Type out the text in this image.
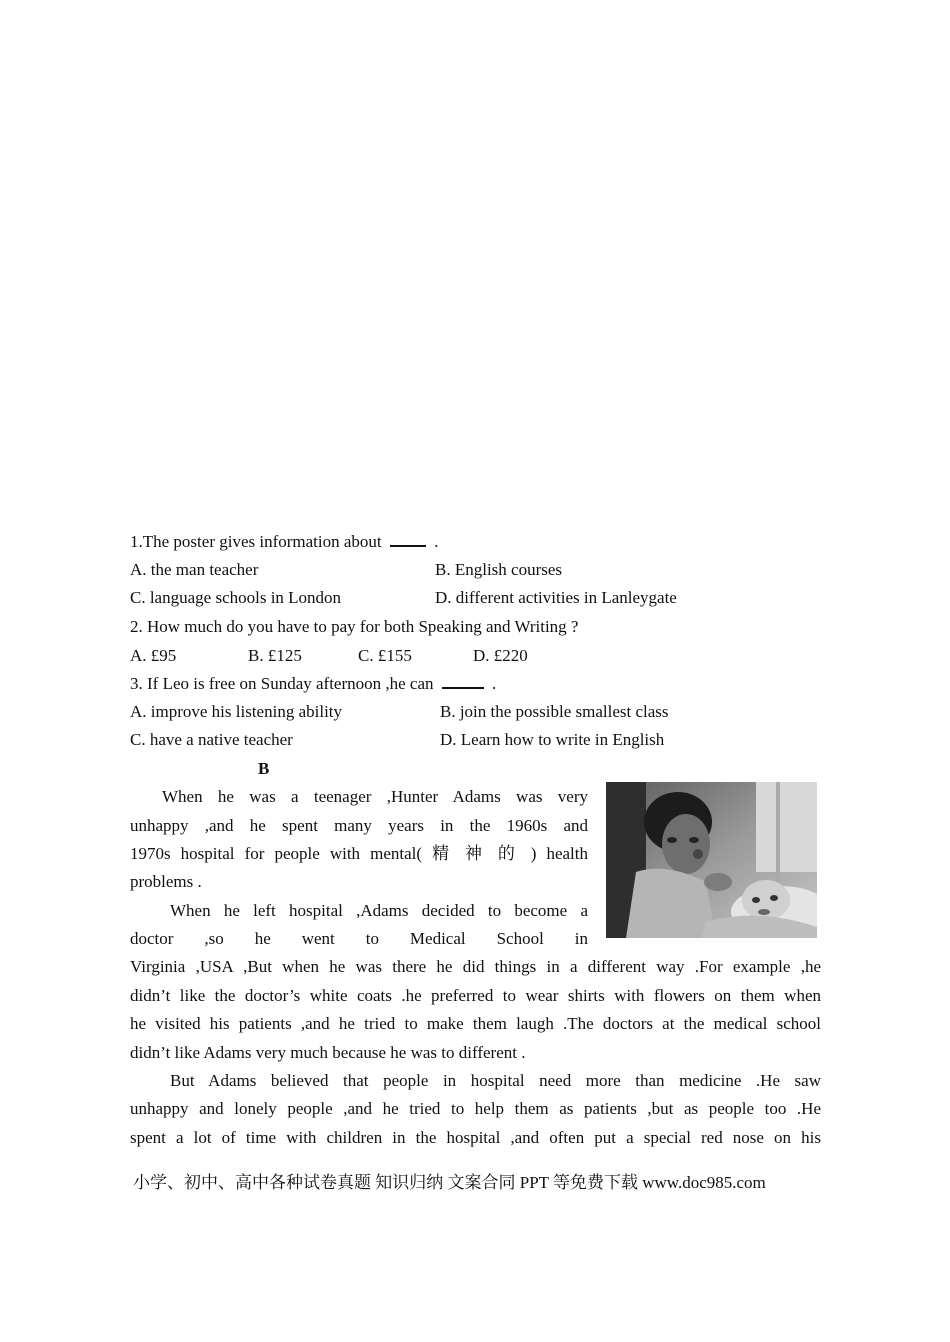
1.The poster gives information about	.
A. the man teacher	B. English courses
C. language schools in London	D. different activities in Lanleygate
2. How much do you have to pay for both Speaking and Writing ?
A. £95	B. £125	C. £155	D. £220
3. If Leo is free on Sunday afternoon ,he can	.
A. improve his listening ability	B. join the possible smallest class
C. have a native teacher	D. Learn how to write in English
B
When he was a teenager ,Hunter Adams was very
unhappy ,and he spent many years in the 1960s and
1970s hospital for people with mental( 精 神 的 ) health
problems .
When he left hospital ,Adams decided to become a
doctor ,so he went to Medical School in
Virginia ,USA ,But when he was there he did things in a different way .For example ,he
didn’t like the doctor’s white coats .he preferred to wear shirts with flowers on them when
he visited his patients ,and he tried to make them laugh .The doctors at the medical school
didn’t like Adams very much because he was to different .
But Adams believed that people in hospital need more than medicine .He saw
unhappy and lonely people ,and he tried to help them as patients ,but as people too .He
spent a lot of time with children in the hospital ,and often put a special red nose on his
小学、初中、高中各种试卷真题 知识归纳 文案合同 PPT 等免费下载 www.doc985.com
